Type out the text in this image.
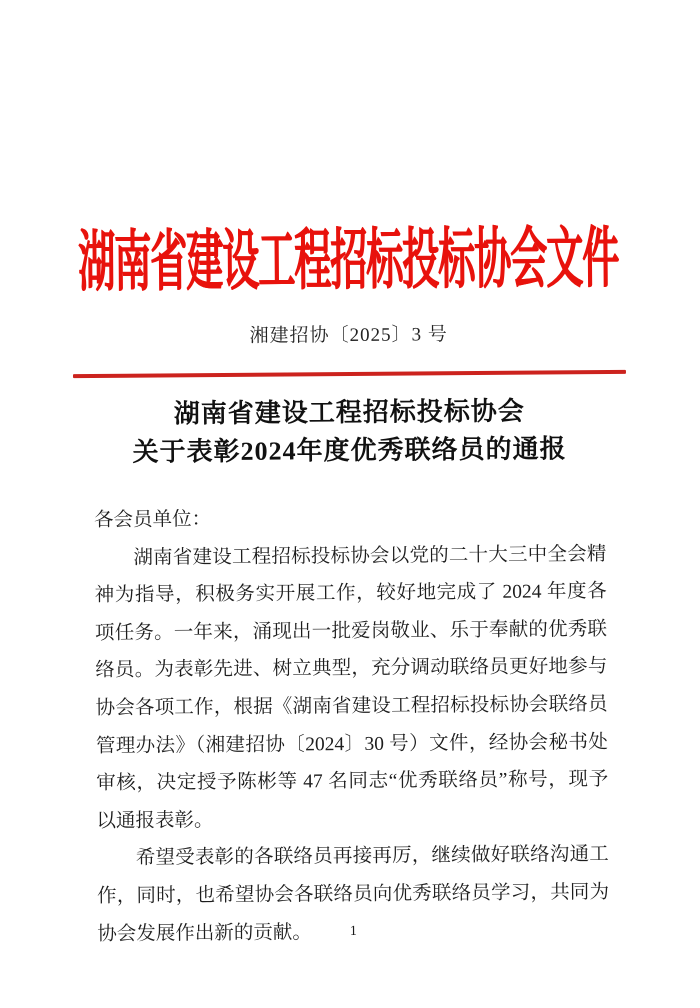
湖南省建设工程招标投标协会文件
湘建招协〔2025〕3 号
湖南省建设工程招标投标协会
关于表彰2024年度优秀联络员的通报

各会员单位：

湖南省建设工程招标投标协会以党的二十大三中全会精神为指导，积极务实开展工作，较好地完成了 2024 年度各项任务。一年来，涌现出一批爱岗敬业、乐于奉献的优秀联络员。为表彰先进、树立典型，充分调动联络员更好地参与协会各项工作，根据《湖南省建设工程招标投标协会联络员管理办法》（湘建招协〔2024〕30 号）文件，经协会秘书处审核，决定授予陈彬等 47 名同志“优秀联络员”称号，现予以通报表彰。

希望受表彰的各联络员再接再厉，继续做好联络沟通工作，同时，也希望协会各联络员向优秀联络员学习，共同为协会发展作出新的贡献。	1
